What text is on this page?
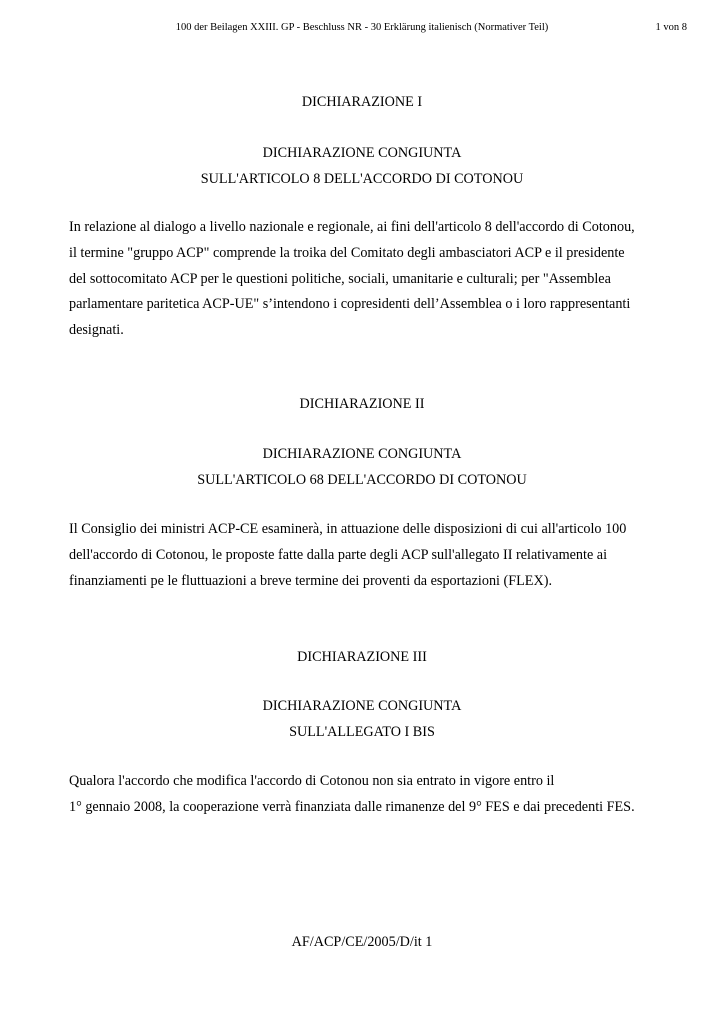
100 der Beilagen XXIII. GP - Beschluss NR - 30 Erklärung italienisch (Normativer Teil)	1 von 8
DICHIARAZIONE I
DICHIARAZIONE CONGIUNTA
SULL'ARTICOLO 8 DELL'ACCORDO DI COTONOU
In relazione al dialogo a livello nazionale e regionale, ai fini dell'articolo 8 dell'accordo di Cotonou,
il termine "gruppo ACP" comprende la troika del Comitato degli ambasciatori ACP e il presidente
del sottocomitato ACP per le questioni politiche, sociali, umanitarie e culturali; per "Assemblea
parlamentare paritetica ACP-UE" s’intendono i copresidenti dell’Assemblea o i loro rappresentanti
designati.
DICHIARAZIONE II
DICHIARAZIONE CONGIUNTA
SULL'ARTICOLO 68 DELL'ACCORDO DI COTONOU
Il Consiglio dei ministri ACP-CE esaminerà, in attuazione delle disposizioni di cui all'articolo 100
dell'accordo di Cotonou, le proposte fatte dalla parte degli ACP sull'allegato II relativamente ai
finanziamenti pe le fluttuazioni a breve termine dei proventi da esportazioni (FLEX).
DICHIARAZIONE III
DICHIARAZIONE CONGIUNTA
SULL'ALLEGATO I BIS
Qualora l'accordo che modifica l'accordo di Cotonou non sia entrato in vigore entro il
1° gennaio 2008, la cooperazione verrà finanziata dalle rimanenze del 9° FES e dai precedenti FES.
AF/ACP/CE/2005/D/it 1
